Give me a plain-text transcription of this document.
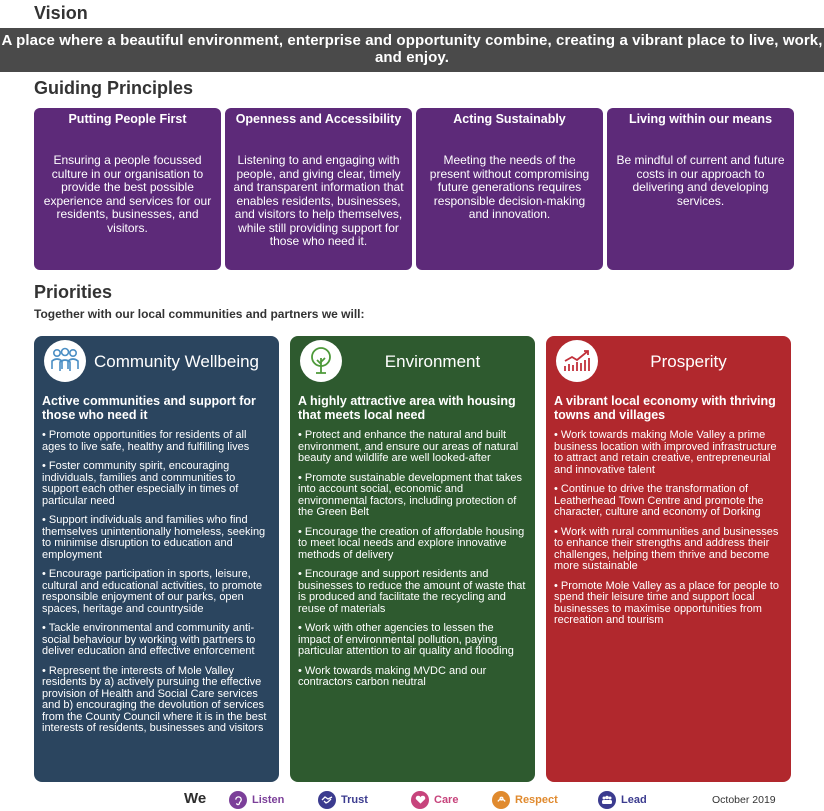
Vision
A place where a beautiful environment, enterprise and opportunity combine, creating a vibrant place to live, work, and enjoy.
Guiding Principles
Putting People First
Ensuring a people focussed culture in our organisation to provide the best possible experience and services for our residents, businesses, and visitors.
Openness and Accessibility
Listening to and engaging with people, and giving clear, timely and transparent information that enables residents, businesses, and visitors to help themselves, while still providing support for those who need it.
Acting Sustainably
Meeting the needs of the present without compromising future generations requires responsible decision-making and innovation.
Living within our means
Be mindful of current and future costs in our approach to delivering and developing services.
Priorities
Together with our local communities and partners we will:
Community Wellbeing
Active communities and support for those who need it
• Promote opportunities for residents of all ages to live safe, healthy and fulfilling lives
• Foster community spirit, encouraging individuals, families and communities to support each other especially in times of particular need
• Support individuals and families who find themselves unintentionally homeless, seeking to minimise disruption to education and employment
• Encourage participation in sports, leisure, cultural and educational activities, to promote responsible enjoyment of our parks, open spaces, heritage and countryside
• Tackle environmental and community anti-social behaviour by working with partners to deliver education and effective enforcement
• Represent the interests of Mole Valley residents by a) actively pursuing the effective provision of Health and Social Care services and b) encouraging the devolution of services from the County Council where it is in the best interests of residents, businesses and visitors
Environment
A highly attractive area with housing that meets local need
• Protect and enhance the natural and built environment, and ensure our areas of natural beauty and wildlife are well looked-after
• Promote sustainable development that takes into account social, economic and environmental factors, including protection of the Green Belt
• Encourage the creation of affordable housing to meet local needs and explore innovative methods of delivery
• Encourage and support residents and businesses to reduce the amount of waste that is produced and facilitate the recycling and reuse of materials
• Work with other agencies to lessen the impact of environmental pollution, paying particular attention to air quality and flooding
• Work towards making MVDC and our contractors carbon neutral
Prosperity
A vibrant local economy with thriving towns and villages
• Work towards making Mole Valley a prime business location with improved infrastructure to attract and retain creative, entrepreneurial and innovative talent
• Continue to drive the transformation of Leatherhead Town Centre and promote the character, culture and economy of Dorking
• Work with rural communities and businesses to enhance their strengths and address their challenges, helping them thrive and become more sustainable
• Promote Mole Valley as a place for people to spend their leisure time and support local businesses to maximise opportunities from recreation and tourism
We	Listen	Trust	Care	Respect	Lead	October 2019
